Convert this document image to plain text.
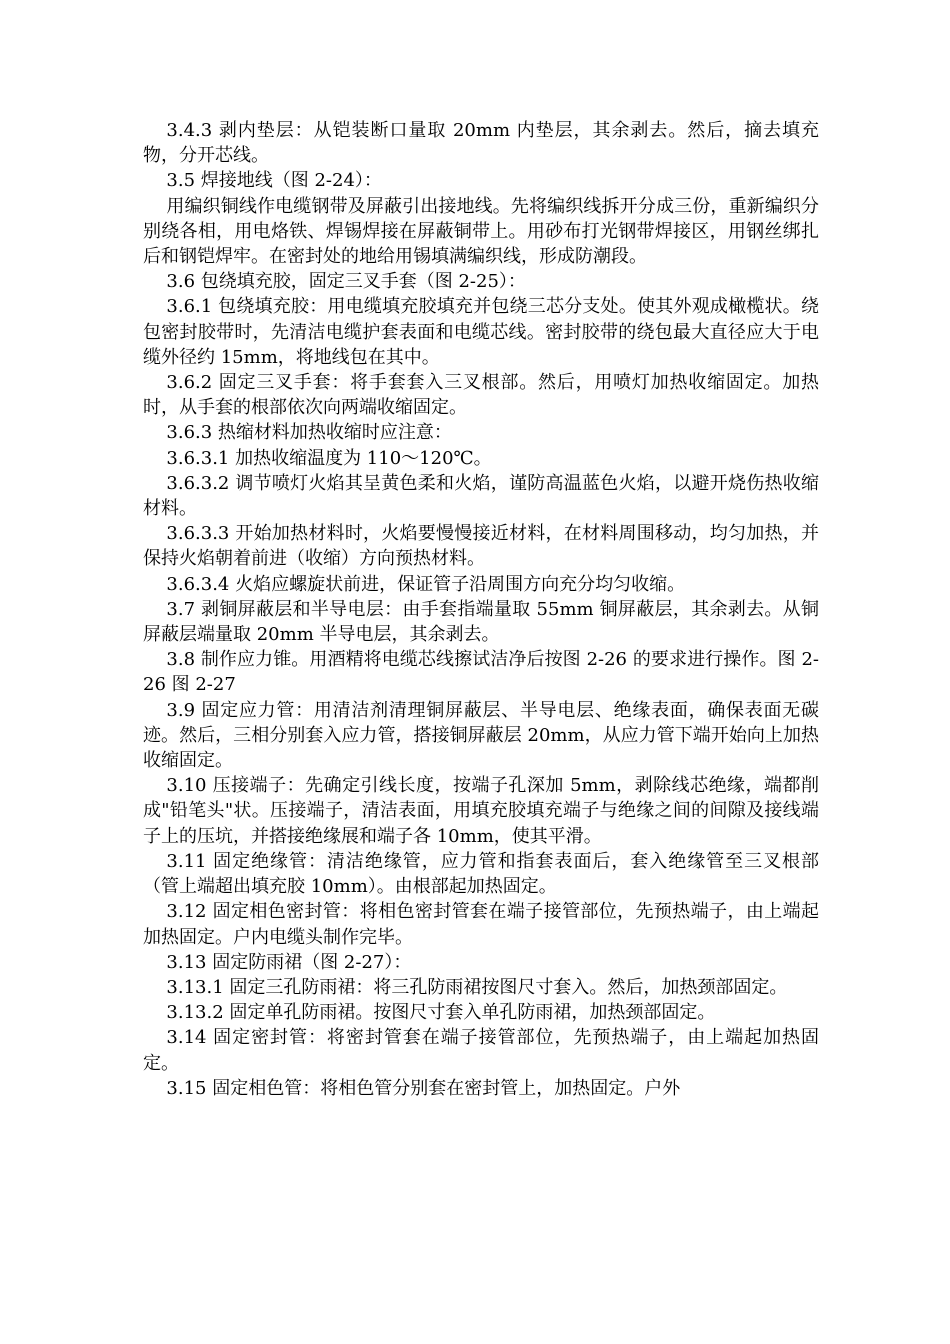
3.4.3 剥内垫层：从铠装断口量取 20mm 内垫层，其余剥去。然后，摘去填充物，分开芯线。

3.5 焊接地线（图 2-24）：

用编织铜线作电缆钢带及屏蔽引出接地线。先将编织线拆开分成三份，重新编织分别绕各相，用电烙铁、焊锡焊接在屏蔽铜带上。用砂布打光钢带焊接区，用钢丝绑扎后和钢铠焊牢。在密封处的地给用锡填满编织线，形成防潮段。

3.6 包绕填充胶，固定三叉手套（图 2-25）：

3.6.1 包绕填充胶：用电缆填充胶填充并包绕三芯分支处。使其外观成橄榄状。绕包密封胶带时，先清洁电缆护套表面和电缆芯线。密封胶带的绕包最大直径应大于电缆外径约 15mm，将地线包在其中。

3.6.2 固定三叉手套：将手套套入三叉根部。然后，用喷灯加热收缩固定。加热时，从手套的根部依次向两端收缩固定。

3.6.3 热缩材料加热收缩时应注意：

3.6.3.1 加热收缩温度为 110～120℃。

3.6.3.2 调节喷灯火焰其呈黄色柔和火焰，谨防高温蓝色火焰，以避开烧伤热收缩材料。

3.6.3.3 开始加热材料时，火焰要慢慢接近材料，在材料周围移动，均匀加热，并保持火焰朝着前进（收缩）方向预热材料。

3.6.3.4 火焰应螺旋状前进，保证管子沿周围方向充分均匀收缩。

3.7 剥铜屏蔽层和半导电层：由手套指端量取 55mm 铜屏蔽层，其余剥去。从铜屏蔽层端量取 20mm 半导电层，其余剥去。

3.8 制作应力锥。用酒精将电缆芯线擦试洁净后按图 2-26 的要求进行操作。图 2-26 图 2-27

3.9 固定应力管：用清洁剂清理铜屏蔽层、半导电层、绝缘表面，确保表面无碳迹。然后，三相分别套入应力管，搭接铜屏蔽层 20mm，从应力管下端开始向上加热收缩固定。

3.10 压接端子：先确定引线长度，按端子孔深加 5mm，剥除线芯绝缘，端都削成"铅笔头"状。压接端子，清洁表面，用填充胶填充端子与绝缘之间的间隙及接线端子上的压坑，并搭接绝缘展和端子各 10mm，使其平滑。

3.11 固定绝缘管：清洁绝缘管，应力管和指套表面后，套入绝缘管至三叉根部（管上端超出填充胶 10mm）。由根部起加热固定。

3.12 固定相色密封管：将相色密封管套在端子接管部位，先预热端子，由上端起加热固定。户内电缆头制作完毕。

3.13 固定防雨裙（图 2-27）：

3.13.1 固定三孔防雨裙：将三孔防雨裙按图尺寸套入。然后，加热颈部固定。

3.13.2 固定单孔防雨裙。按图尺寸套入单孔防雨裙，加热颈部固定。

3.14 固定密封管：将密封管套在端子接管部位，先预热端子，由上端起加热固定。

3.15 固定相色管：将相色管分别套在密封管上，加热固定。户外
